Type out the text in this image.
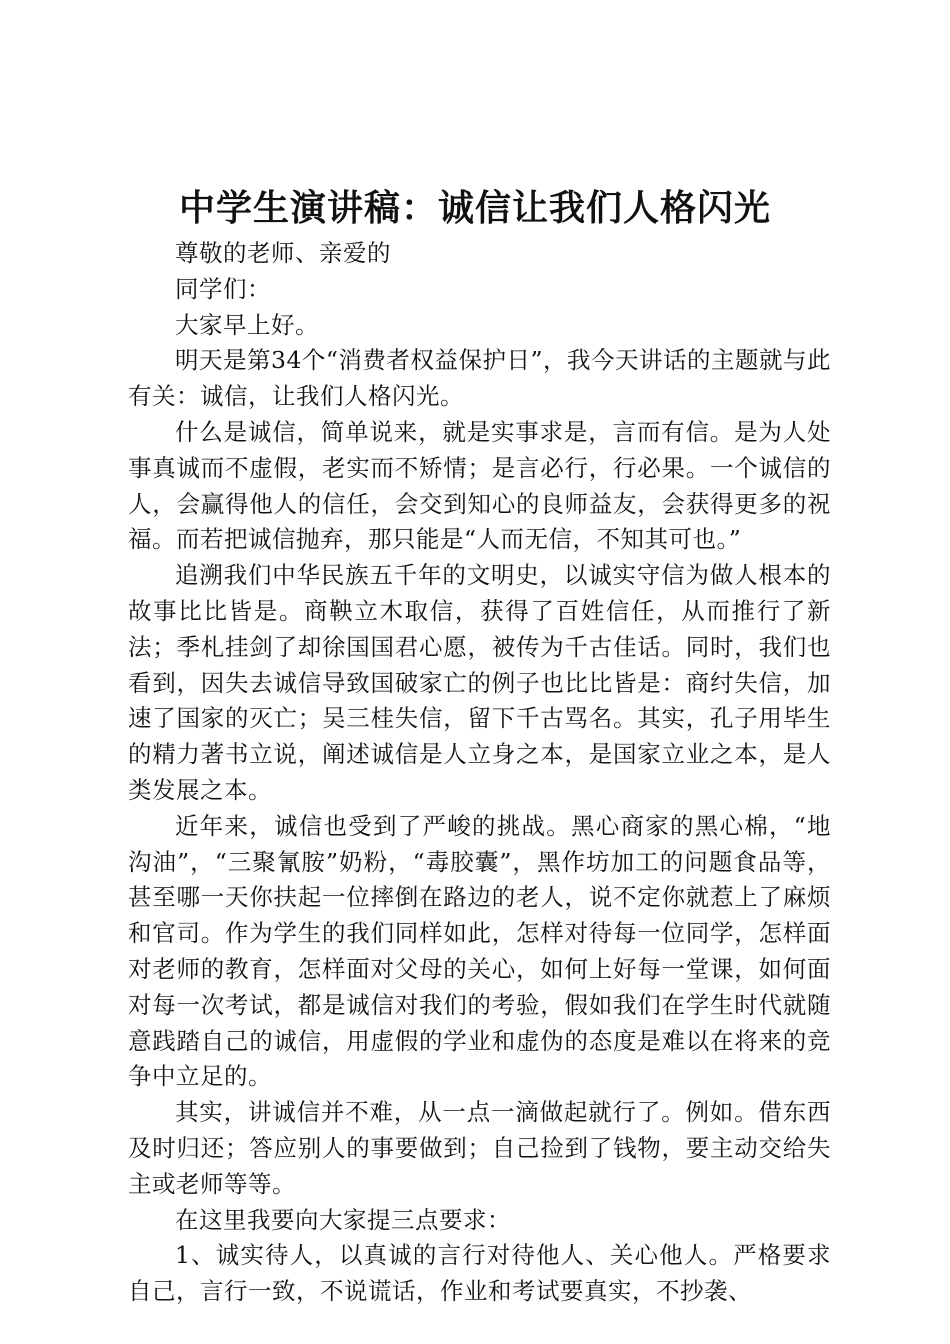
中学生演讲稿：诚信让我们人格闪光

尊敬的老师、亲爱的

同学们：

大家早上好。

明天是第34个“消费者权益保护日”，我今天讲话的主题就与此有关：诚信，让我们人格闪光。

什么是诚信，简单说来，就是实事求是，言而有信。是为人处事真诚而不虚假，老实而不矫情；是言必行，行必果。一个诚信的人，会赢得他人的信任，会交到知心的良师益友，会获得更多的祝福。而若把诚信抛弃，那只能是“人而无信，不知其可也。”

追溯我们中华民族五千年的文明史，以诚实守信为做人根本的故事比比皆是。商鞅立木取信，获得了百姓信任，从而推行了新法；季札挂剑了却徐国国君心愿，被传为千古佳话。同时，我们也看到，因失去诚信导致国破家亡的例子也比比皆是：商纣失信，加速了国家的灭亡；吴三桂失信，留下千古骂名。其实，孔子用毕生的精力著书立说，阐述诚信是人立身之本，是国家立业之本，是人类发展之本。

近年来，诚信也受到了严峻的挑战。黑心商家的黑心棉，“地沟油”，“三聚氰胺”奶粉，“毒胶囊”，黑作坊加工的问题食品等，甚至哪一天你扶起一位摔倒在路边的老人，说不定你就惹上了麻烦和官司。作为学生的我们同样如此，怎样对待每一位同学，怎样面对老师的教育，怎样面对父母的关心，如何上好每一堂课，如何面对每一次考试，都是诚信对我们的考验，假如我们在学生时代就随意践踏自己的诚信，用虚假的学业和虚伪的态度是难以在将来的竞争中立足的。

其实，讲诚信并不难，从一点一滴做起就行了。例如。借东西及时归还；答应别人的事要做到；自己捡到了钱物，要主动交给失主或老师等等。

在这里我要向大家提三点要求：

1、诚实待人，以真诚的言行对待他人、关心他人。严格要求自己，言行一致，不说谎话，作业和考试要真实，不抄袭、
